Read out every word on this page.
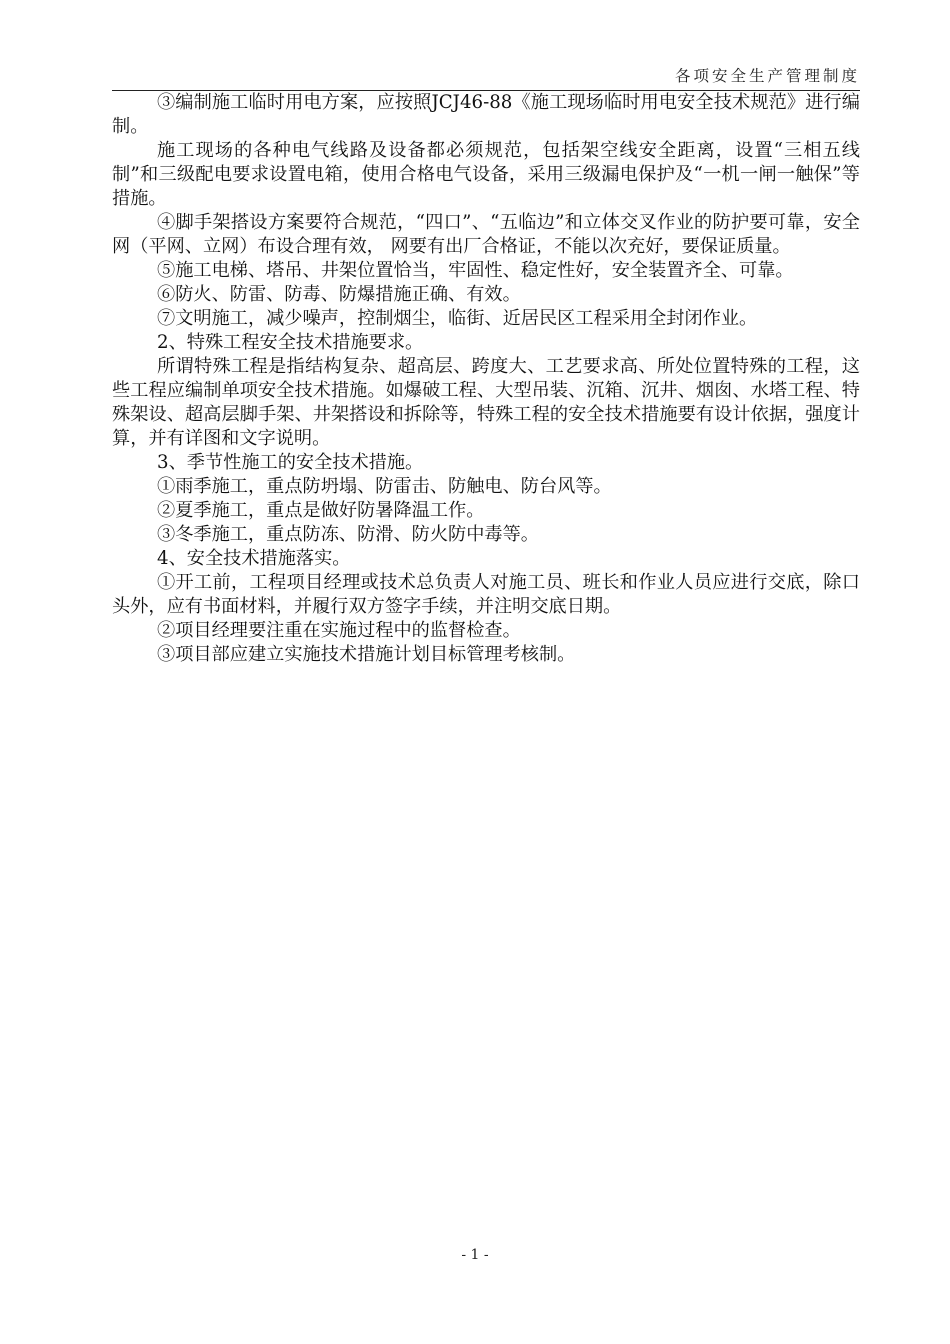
各项安全生产管理制度

③编制施工临时用电方案，应按照JCJ46-88《施工现场临时用电安全技术规范》进行编制。

施工现场的各种电气线路及设备都必须规范，包括架空线安全距离，设置“三相五线制”和三级配电要求设置电箱，使用合格电气设备，采用三级漏电保护及“一机一闸一触保”等措施。

④脚手架搭设方案要符合规范，“四口”、“五临边”和立体交叉作业的防护要可靠，安全网（平网、立网）布设合理有效， 网要有出厂合格证，不能以次充好，要保证质量。

⑤施工电梯、塔吊、井架位置恰当，牢固性、稳定性好，安全装置齐全、可靠。

⑥防火、防雷、防毒、防爆措施正确、有效。

⑦文明施工，减少噪声，控制烟尘，临街、近居民区工程采用全封闭作业。

2、特殊工程安全技术措施要求。

所谓特殊工程是指结构复杂、超高层、跨度大、工艺要求高、所处位置特殊的工程，这些工程应编制单项安全技术措施。如爆破工程、大型吊装、沉箱、沉井、烟囱、水塔工程、特殊架设、超高层脚手架、井架搭设和拆除等，特殊工程的安全技术措施要有设计依据，强度计算，并有详图和文字说明。

3、季节性施工的安全技术措施。

①雨季施工，重点防坍塌、防雷击、防触电、防台风等。

②夏季施工，重点是做好防暑降温工作。

③冬季施工，重点防冻、防滑、防火防中毒等。

4、安全技术措施落实。

①开工前，工程项目经理或技术总负责人对施工员、班长和作业人员应进行交底，除口头外，应有书面材料，并履行双方签字手续，并注明交底日期。

②项目经理要注重在实施过程中的监督检查。

③项目部应建立实施技术措施计划目标管理考核制。

- 1 -
